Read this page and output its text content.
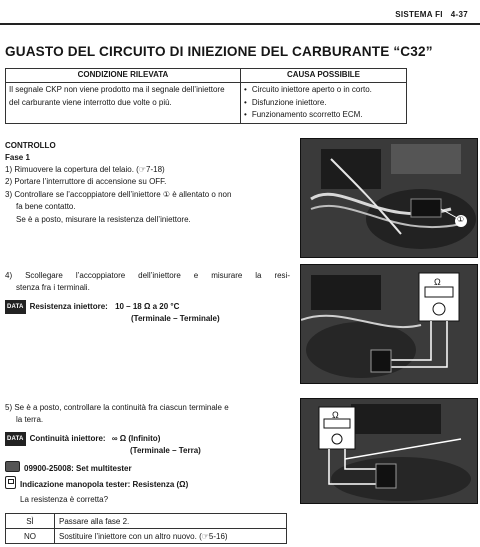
SISTEMA FI 4-37
GUASTO DEL CIRCUITO DI INIEZIONE DEL CARBURANTE “C32”
CONDIZIONE RILEVATA	CAUSA POSSIBILE
Il segnale CKP non viene prodotto ma il segnale dell’iniettore del carburante viene interrotto due volte o più.	• Circuito iniettore aperto o in corto.
• Disfunzione iniettore.
• Funzionamento scorretto ECM.
CONTROLLO
Fase 1
1) Rimuovere la copertura del telaio. (☞7-18)
2) Portare l’interruttore di accensione su OFF.
3) Controllare se l’accoppiatore dell’iniettore ① è allentato o non
fa bene contatto.
Se è a posto, misurare la resistenza dell’iniettore.
4) Scollegare l’accoppiatore dell’iniettore e misurare la resi-
stenza fra i terminali.
DATA Resistenza iniettore: 10 – 18 Ω a 20 °C
(Terminale – Terminale)
5) Se è a posto, controllare la continuità fra ciascun terminale e
la terra.
DATA Continuità iniettore: ∞ Ω (Infinito)
(Terminale – Terra)
09900-25008: Set multitester
Indicazione manopola tester: Resistenza (Ω)
La resistenza è corretta?
SÌ	Passare alla fase 2.
NO	Sostituire l’iniettore con un altro nuovo. (☞5-16)
①
Ω
Ω
